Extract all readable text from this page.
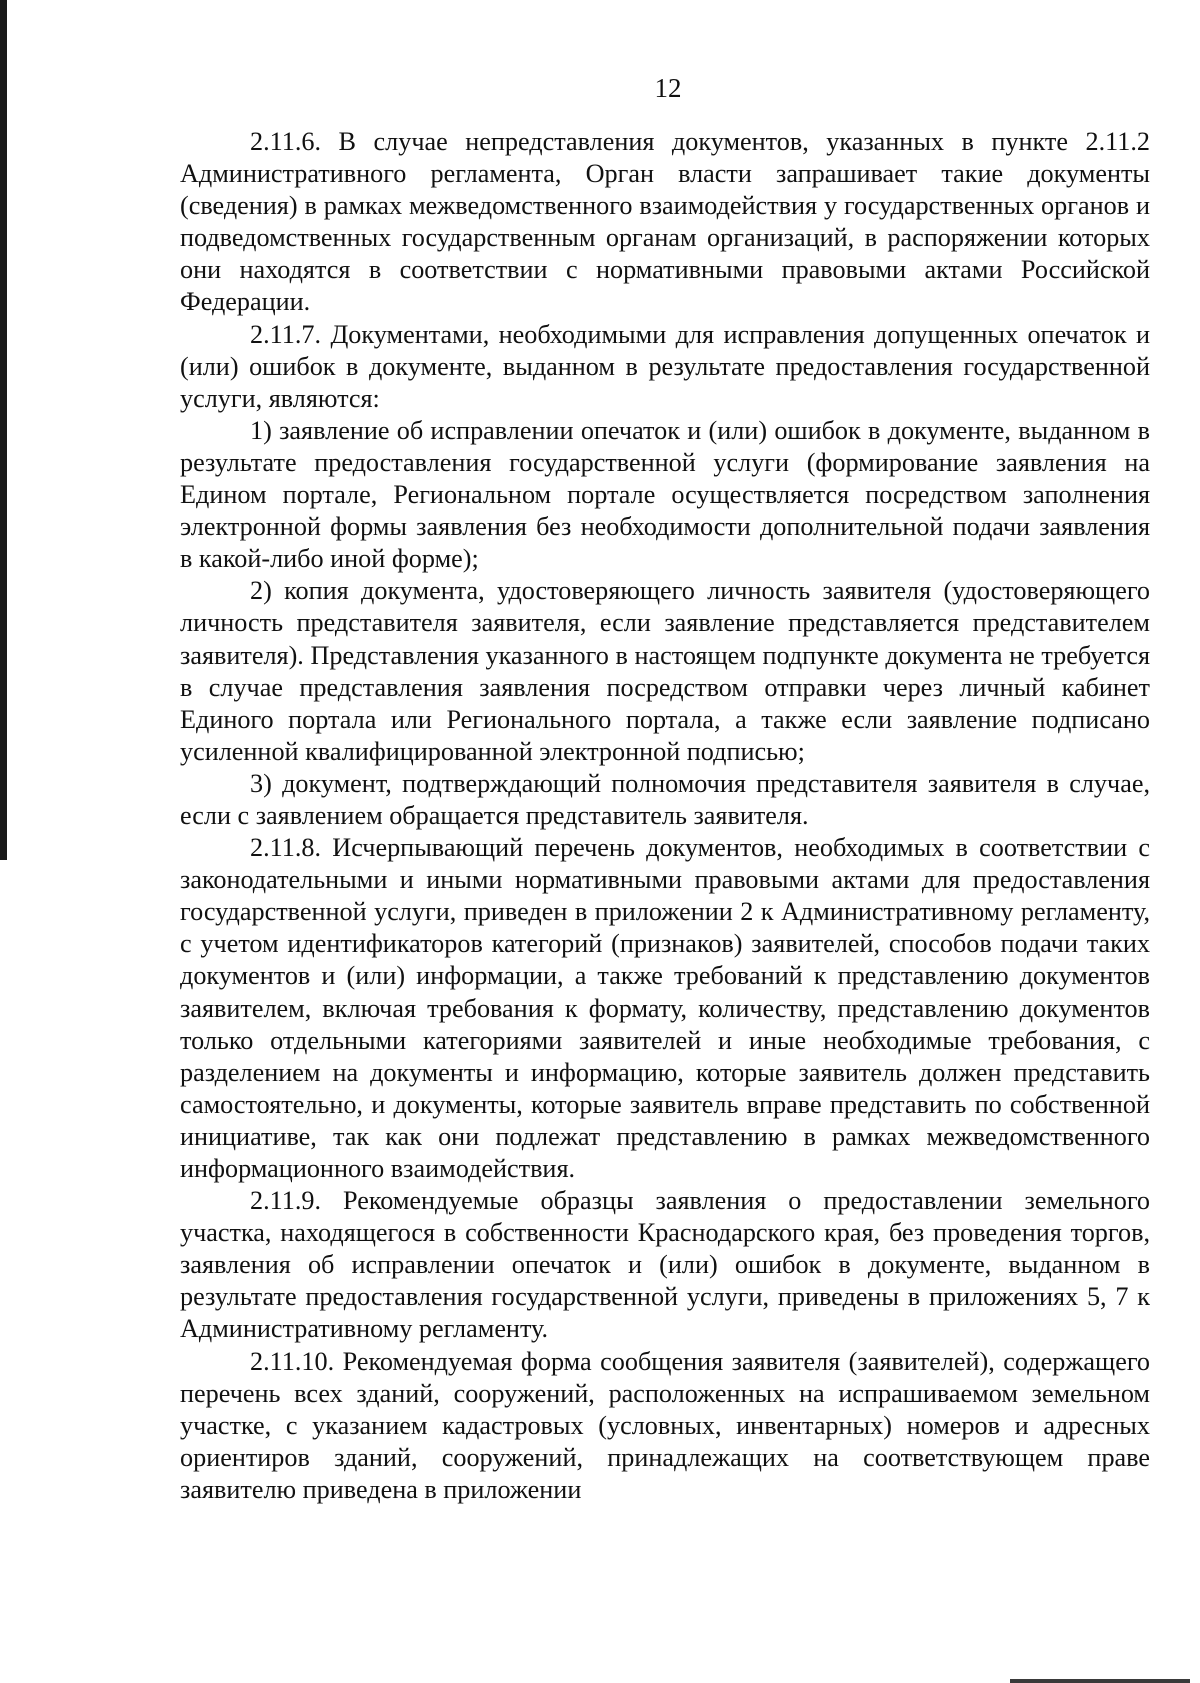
12

2.11.6. В случае непредставления документов, указанных в пункте 2.11.2 Административного регламента, Орган власти запрашивает такие документы (сведения) в рамках межведомственного взаимодействия у государственных органов и подведомственных государственным органам организаций, в распоряжении которых они находятся в соответствии с нормативными правовыми актами Российской Федерации.

2.11.7. Документами, необходимыми для исправления допущенных опечаток и (или) ошибок в документе, выданном в результате предоставления государственной услуги, являются:

1) заявление об исправлении опечаток и (или) ошибок в документе, выданном в результате предоставления государственной услуги (формирование заявления на Едином портале, Региональном портале осуществляется посредством заполнения электронной формы заявления без необходимости дополнительной подачи заявления в какой-либо иной форме);

2) копия документа, удостоверяющего личность заявителя (удостоверяющего личность представителя заявителя, если заявление представляется представителем заявителя). Представления указанного в настоящем подпункте документа не требуется в случае представления заявления посредством отправки через личный кабинет Единого портала или Регионального портала, а также если заявление подписано усиленной квалифицированной электронной подписью;

3) документ, подтверждающий полномочия представителя заявителя в случае, если с заявлением обращается представитель заявителя.

2.11.8. Исчерпывающий перечень документов, необходимых в соответствии с законодательными и иными нормативными правовыми актами для предоставления государственной услуги, приведен в приложении 2 к Административному регламенту, с учетом идентификаторов категорий (признаков) заявителей, способов подачи таких документов и (или) информации, а также требований к представлению документов заявителем, включая требования к формату, количеству, представлению документов только отдельными категориями заявителей и иные необходимые требования, с разделением на документы и информацию, которые заявитель должен представить самостоятельно, и документы, которые заявитель вправе представить по собственной инициативе, так как они подлежат представлению в рамках межведомственного информационного взаимодействия.

2.11.9. Рекомендуемые образцы заявления о предоставлении земельного участка, находящегося в собственности Краснодарского края, без проведения торгов, заявления об исправлении опечаток и (или) ошибок в документе, выданном в результате предоставления государственной услуги, приведены в приложениях 5, 7 к Административному регламенту.

2.11.10. Рекомендуемая форма сообщения заявителя (заявителей), содержащего перечень всех зданий, сооружений, расположенных на испрашиваемом земельном участке, с указанием кадастровых (условных, инвентарных) номеров и адресных ориентиров зданий, сооружений, принадлежащих на соответствующем праве заявителю приведена в приложении
